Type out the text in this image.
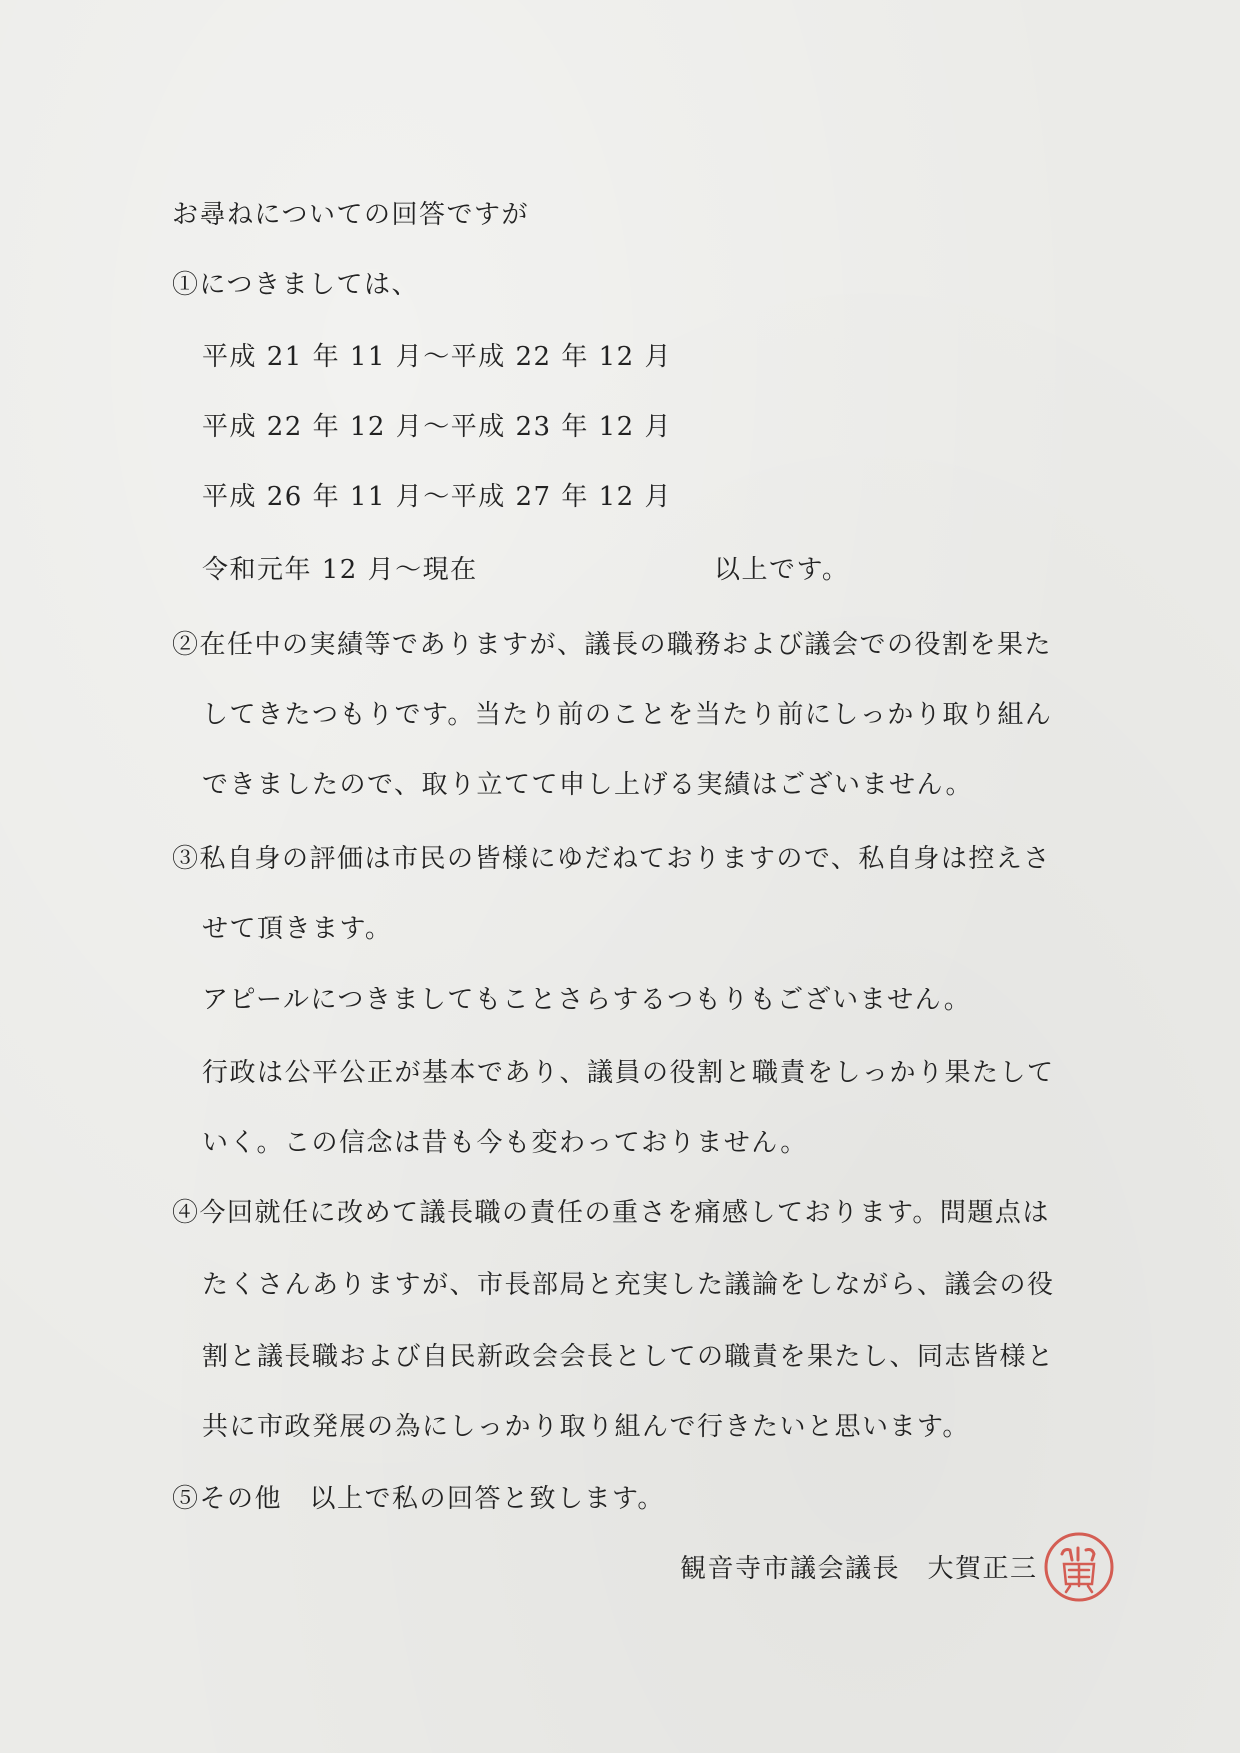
お尋ねについての回答ですが
①につきましては、
平成 21 年 11 月～平成 22 年 12 月
平成 22 年 12 月～平成 23 年 12 月
平成 26 年 11 月～平成 27 年 12 月
令和元年 12 月～現在	以上です。
②在任中の実績等でありますが、議長の職務および議会での役割を果た
してきたつもりです。当たり前のことを当たり前にしっかり取り組ん
できましたので、取り立てて申し上げる実績はございません。
③私自身の評価は市民の皆様にゆだねておりますので、私自身は控えさ
せて頂きます。
アピールにつきましてもことさらするつもりもございません。
行政は公平公正が基本であり、議員の役割と職責をしっかり果たして
いく。この信念は昔も今も変わっておりません。
④今回就任に改めて議長職の責任の重さを痛感しております。問題点は
たくさんありますが、市長部局と充実した議論をしながら、議会の役
割と議長職および自民新政会会長としての職責を果たし、同志皆様と
共に市政発展の為にしっかり取り組んで行きたいと思います。
⑤その他　以上で私の回答と致します。
観音寺市議会議長　大賀正三
